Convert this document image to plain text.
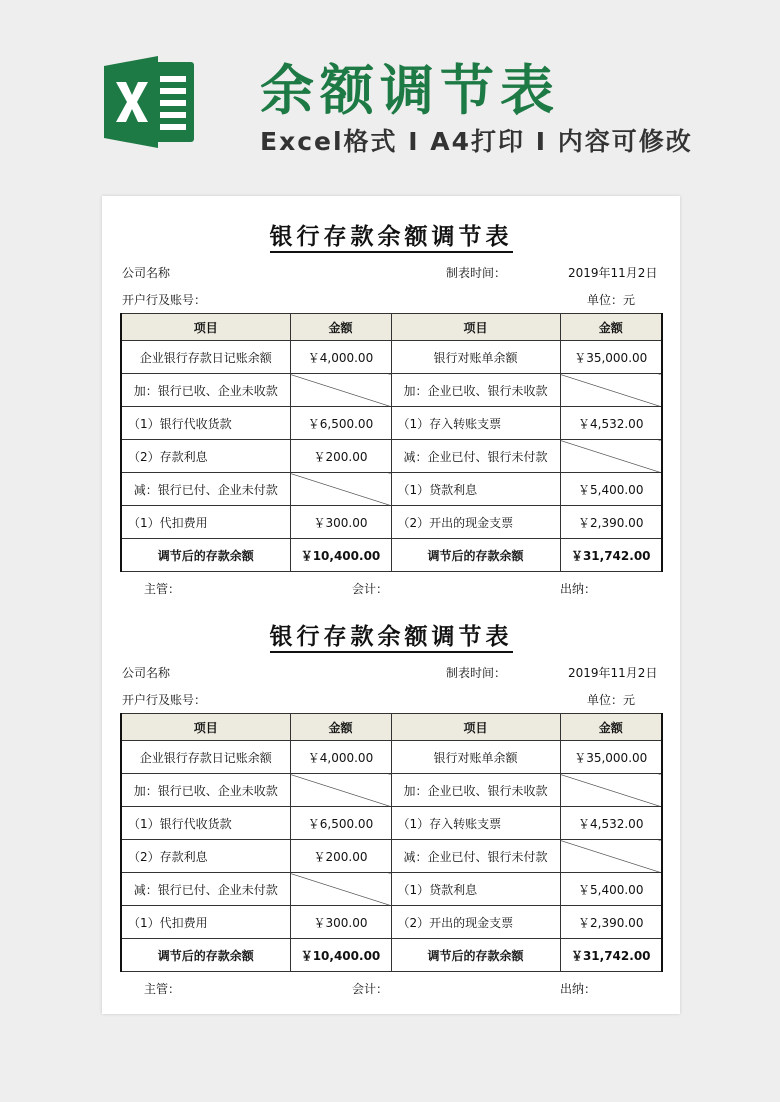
余额调节表
Excel格式 I A4打印 I 内容可修改
银行存款余额调节表
公司名称	制表时间：	2019年11月2日
开户行及账号：	单位：元
项目	金额	项目	金额
企业银行存款日记账余额	￥4,000.00	银行对账单余额	￥35,000.00
加：银行已收、企业未收款		加：企业已收、银行未收款	
（1）银行代收货款	￥6,500.00	（1）存入转账支票	￥4,532.00
（2）存款利息	￥200.00	减：企业已付、银行未付款	
减：银行已付、企业未付款		（1）贷款利息	￥5,400.00
（1）代扣费用	￥300.00	（2）开出的现金支票	￥2,390.00
调节后的存款余额	￥10,400.00	调节后的存款余额	￥31,742.00
主管：	会计：	出纳：
银行存款余额调节表
公司名称	制表时间：	2019年11月2日
开户行及账号：	单位：元
项目	金额	项目	金额
企业银行存款日记账余额	￥4,000.00	银行对账单余额	￥35,000.00
加：银行已收、企业未收款		加：企业已收、银行未收款	
（1）银行代收货款	￥6,500.00	（1）存入转账支票	￥4,532.00
（2）存款利息	￥200.00	减：企业已付、银行未付款	
减：银行已付、企业未付款		（1）贷款利息	￥5,400.00
（1）代扣费用	￥300.00	（2）开出的现金支票	￥2,390.00
调节后的存款余额	￥10,400.00	调节后的存款余额	￥31,742.00
主管：	会计：	出纳：
